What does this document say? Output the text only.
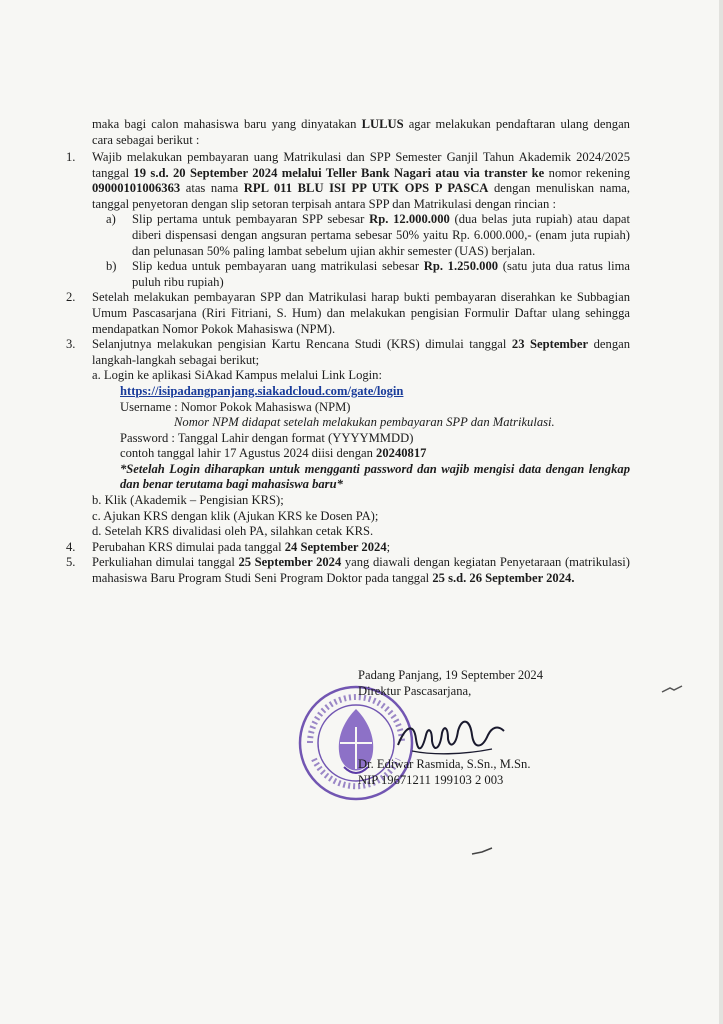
maka bagi calon mahasiswa baru yang dinyatakan LULUS agar melakukan pendaftaran ulang dengan cara sebagai berikut :

1. Wajib melakukan pembayaran uang Matrikulasi dan SPP Semester Ganjil Tahun Akademik 2024/2025 tanggal 19 s.d. 20 September 2024 melalui Teller Bank Nagari atau via transter ke nomor rekening 09000101006363 atas nama RPL 011 BLU ISI PP UTK OPS P PASCA dengan menuliskan nama, tanggal penyetoran dengan slip setoran terpisah antara SPP dan Matrikulasi dengan rincian :
a) Slip pertama untuk pembayaran SPP sebesar Rp. 12.000.000 (dua belas juta rupiah) atau dapat diberi dispensasi dengan angsuran pertama sebesar 50% yaitu Rp. 6.000.000,- (enam juta rupiah) dan pelunasan 50% paling lambat sebelum ujian akhir semester (UAS) berjalan.
b) Slip kedua untuk pembayaran uang matrikulasi sebesar Rp. 1.250.000 (satu juta dua ratus lima puluh ribu rupiah)
2. Setelah melakukan pembayaran SPP dan Matrikulasi harap bukti pembayaran diserahkan ke Subbagian Umum Pascasarjana (Riri Fitriani, S. Hum) dan melakukan pengisian Formulir Daftar ulang sehingga mendapatkan Nomor Pokok Mahasiswa (NPM).
3. Selanjutnya melakukan pengisian Kartu Rencana Studi (KRS) dimulai tanggal 23 September dengan langkah-langkah sebagai berikut;
a. Login ke aplikasi SiAkad Kampus melalui Link Login:
https://isipadangpanjang.siakadcloud.com/gate/login
Username : Nomor Pokok Mahasiswa (NPM)
Nomor NPM didapat setelah melakukan pembayaran SPP dan Matrikulasi.
Password : Tanggal Lahir dengan format (YYYYMMDD)
contoh tanggal lahir 17 Agustus 2024 diisi dengan 20240817
*Setelah Login diharapkan untuk mengganti password dan wajib mengisi data dengan lengkap dan benar terutama bagi mahasiswa baru*
b. Klik (Akademik – Pengisian KRS);
c. Ajukan KRS dengan klik (Ajukan KRS ke Dosen PA);
d. Setelah KRS divalidasi oleh PA, silahkan cetak KRS.
4. Perubahan KRS dimulai pada tanggal 24 September 2024;
5. Perkuliahan dimulai tanggal 25 September 2024 yang diawali dengan kegiatan Penyetaraan (matrikulasi) mahasiswa Baru Program Studi Seni Program Doktor pada tanggal 25 s.d. 26 September 2024.
Padang Panjang, 19 September 2024
Direktur Pascasarjana,
Dr. Ediwar Rasmida, S.Sn., M.Sn.
NIP 19671211 199103 2 003
